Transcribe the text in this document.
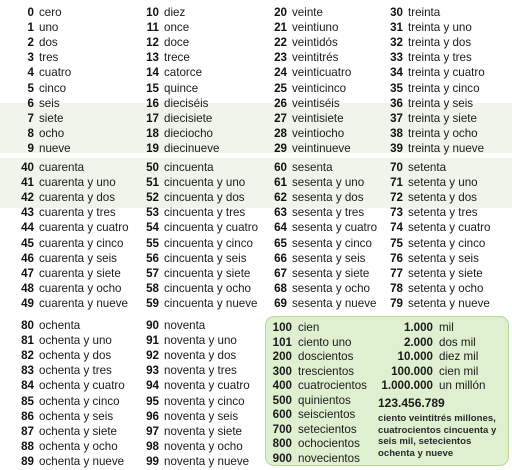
0 cero
1 uno
2 dos
3 tres
4 cuatro
5 cinco
6 seis
7 siete
8 ocho
9 nueve
40 cuarenta
41 cuarenta y uno
42 cuarenta y dos
43 cuarenta y tres
44 cuarenta y cuatro
45 cuarenta y cinco
46 cuarenta y seis
47 cuarenta y siete
48 cuarenta y ocho
49 cuarenta y nueve
80 ochenta
81 ochenta y uno
82 ochenta y dos
83 ochenta y tres
84 ochenta y cuatro
85 ochenta y cinco
86 ochenta y seis
87 ochenta y siete
88 ochenta y ocho
89 ochenta y nueve
10 diez
11 once
12 doce
13 trece
14 catorce
15 quince
16 dieciséis
17 diecisiete
18 dieciocho
19 diecinueve
50 cincuenta
51 cincuenta y uno
52 cincuenta y dos
53 cincuenta y tres
54 cincuenta y cuatro
55 cincuenta y cinco
56 cincuenta y seis
57 cincuenta y siete
58 cincuenta y ocho
59 cincuenta y nueve
90 noventa
91 noventa y uno
92 noventa y dos
93 noventa y tres
94 noventa y cuatro
95 noventa y cinco
96 noventa y seis
97 noventa y siete
98 noventa y ocho
99 noventa y nueve
20 veinte
21 veintiuno
22 veintidós
23 veintitrés
24 veinticuatro
25 veinticinco
26 veintiséis
27 veintisiete
28 veintiocho
29 veintinueve
60 sesenta
61 sesenta y uno
62 sesenta y dos
63 sesenta y tres
64 sesenta y cuatro
65 sesenta y cinco
66 sesenta y seis
67 sesenta y siete
68 sesenta y ocho
69 sesenta y nueve
30 treinta
31 treinta y uno
32 treinta y dos
33 treinta y tres
34 treinta y cuatro
35 treinta y cinco
36 treinta y seis
37 treinta y siete
38 treinta y ocho
39 treinta y nueve
70 setenta
71 setenta y uno
72 setenta y dos
73 setenta y tres
74 setenta y cuatro
75 setenta y cinco
76 setenta y seis
77 setenta y siete
78 setenta y ocho
79 setenta y nueve
100 cien
101 ciento uno
200 doscientos
300 trescientos
400 cuatrocientos
500 quinientos
600 seiscientos
700 setecientos
800 ochocientos
900 novecientos
1.000 mil
2.000 dos mil
10.000 diez mil
100.000 cien mil
1.000.000 un millón
123.456.789
ciento veintitrés millones, cuatrocientos cincuenta y seis mil, setecientos ochenta y nueve
